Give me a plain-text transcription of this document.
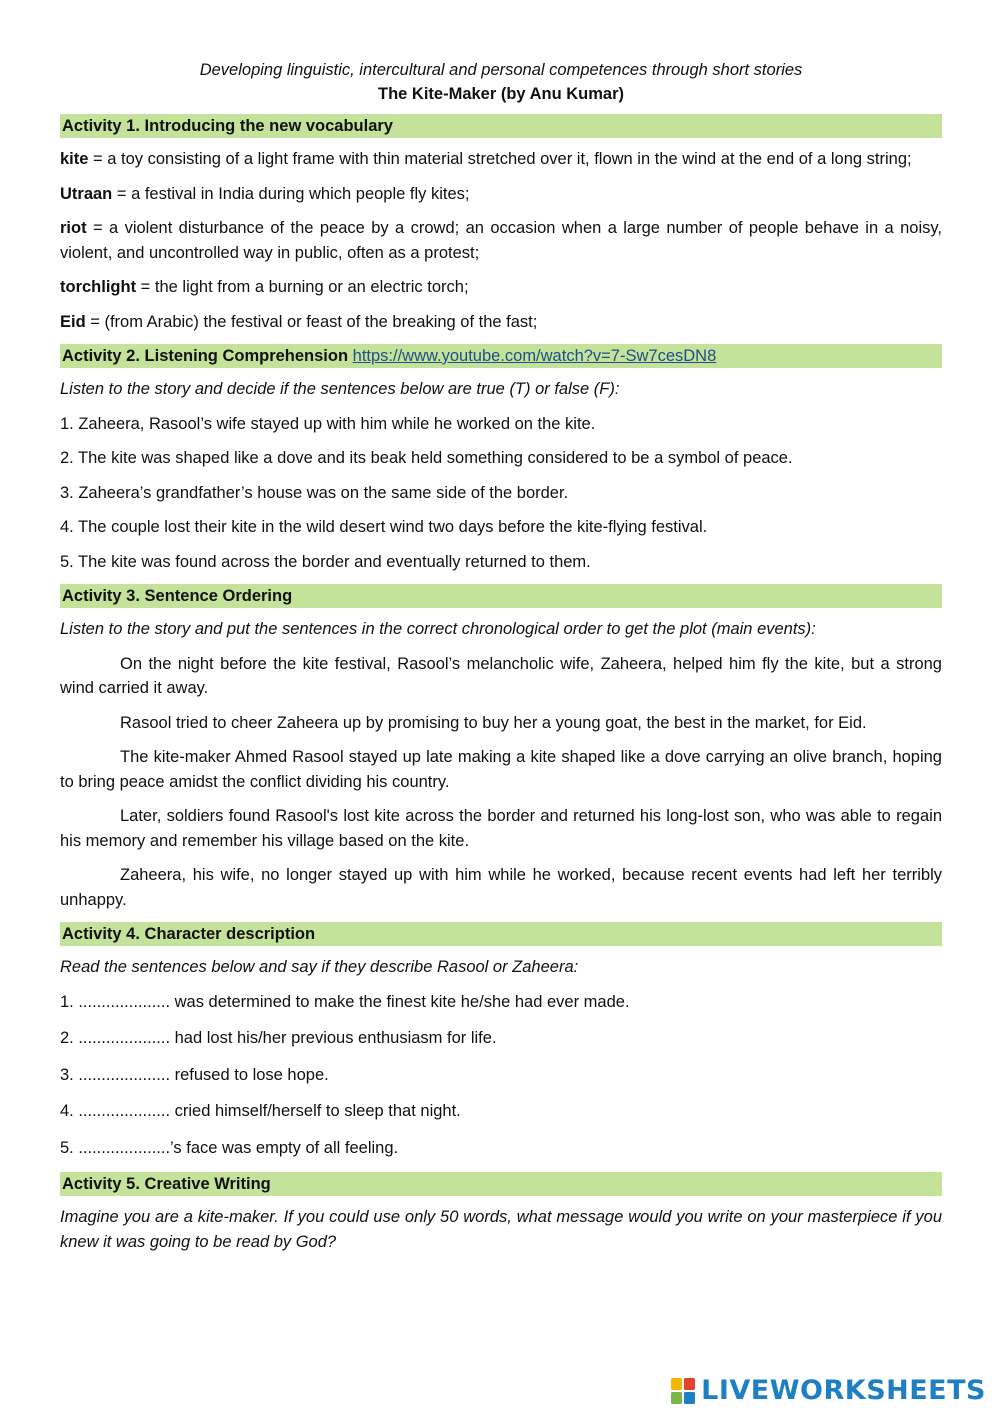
Developing linguistic, intercultural and personal competences through short stories

The Kite-Maker (by Anu Kumar)

Activity 1. Introducing the new vocabulary

kite = a toy consisting of a light frame with thin material stretched over it, flown in the wind at the end of a long string;

Utraan = a festival in India during which people fly kites;

riot = a violent disturbance of the peace by a crowd; an occasion when a large number of people behave in a noisy, violent, and uncontrolled way in public, often as a protest;

torchlight = the light from a burning or an electric torch;

Eid = (from Arabic) the festival or feast of the breaking of the fast;

Activity 2. Listening Comprehension https://www.youtube.com/watch?v=7-Sw7cesDN8

Listen to the story and decide if the sentences below are true (T) or false (F):

1. Zaheera, Rasool’s wife stayed up with him while he worked on the kite.

2. The kite was shaped like a dove and its beak held something considered to be a symbol of peace.

3. Zaheera’s grandfather’s house was on the same side of the border.

4. The couple lost their kite in the wild desert wind two days before the kite-flying festival.

5. The kite was found across the border and eventually returned to them.

Activity 3. Sentence Ordering

Listen to the story and put the sentences in the correct chronological order to get the plot (main events):

On the night before the kite festival, Rasool’s melancholic wife, Zaheera, helped him fly the kite, but a strong wind carried it away.

Rasool tried to cheer Zaheera up by promising to buy her a young goat, the best in the market, for Eid.

The kite-maker Ahmed Rasool stayed up late making a kite shaped like a dove carrying an olive branch, hoping to bring peace amidst the conflict dividing his country.

Later, soldiers found Rasool's lost kite across the border and returned his long-lost son, who was able to regain his memory and remember his village based on the kite.

Zaheera, his wife, no longer stayed up with him while he worked, because recent events had left her terribly unhappy.

Activity 4. Character description

Read the sentences below and say if they describe Rasool or Zaheera:

1. .................... was determined to make the finest kite he/she had ever made.

2. .................... had lost his/her previous enthusiasm for life.

3. .................... refused to lose hope.

4. .................... cried himself/herself to sleep that night.

5. ....................’s face was empty of all feeling.

Activity 5. Creative Writing

Imagine you are a kite-maker. If you could use only 50 words, what message would you write on your masterpiece if you knew it was going to be read by God?

LIVEWORKSHEETS
